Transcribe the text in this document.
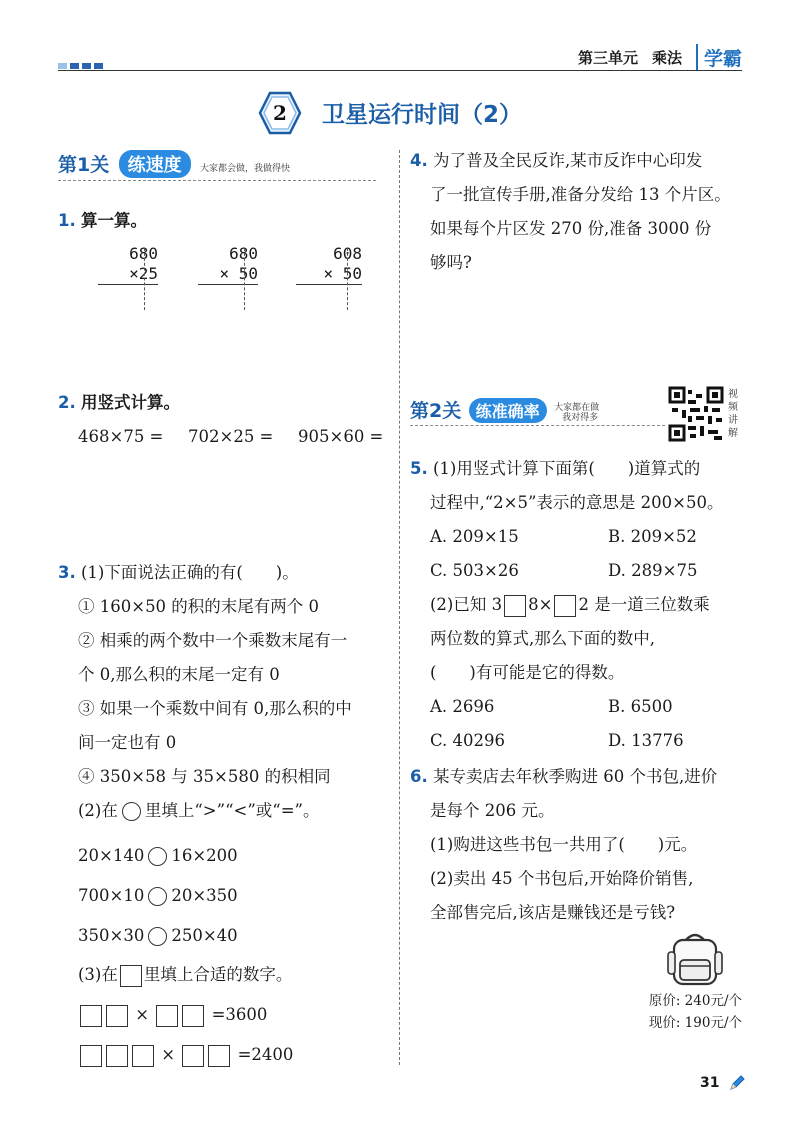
第三单元 乘法	学霸
2	卫星运行时间（2）
第1关 练速度 大家都会做，我做得快
1. 算一算。
680
×25
680
× 50
608
× 50
2. 用竖式计算。
468×75 = 702×25 = 905×60 =
3. (1)下面说法正确的有(　　)。
① 160×50 的积的末尾有两个 0
② 相乘的两个数中一个乘数末尾有一
个 0,那么积的末尾一定有 0
③ 如果一个乘数中间有 0,那么积的中
间一定也有 0
④ 350×58 与 35×580 的积相同
(2)在 里填上“>”“<”或“=”。
20×140 16×200
700×10 20×350
350×30 250×40
(3)在 里填上合适的数字。
×	=3600
×	=2400
4. 为了普及全民反诈,某市反诈中心印发
了一批宣传手册,准备分发给 13 个片区。
如果每个片区发 270 份,准备 3000 份
够吗?
第2关 练准确率 大家都在做
我对得多
视频讲解
5. (1)用竖式计算下面第(　　)道算式的
过程中,“2×5”表示的意思是 200×50。
A. 209×15	B. 209×52
C. 503×26	D. 289×75
(2)已知 3 8× 2 是一道三位数乘
两位数的算式,那么下面的数中,
(　　)有可能是它的得数。
A. 2696	B. 6500
C. 40296	D. 13776
6. 某专卖店去年秋季购进 60 个书包,进价
是每个 206 元。
(1)购进这些书包一共用了(　　)元。
(2)卖出 45 个书包后,开始降价销售,
全部售完后,该店是赚钱还是亏钱?
原价: 240元/个
现价: 190元/个
31
